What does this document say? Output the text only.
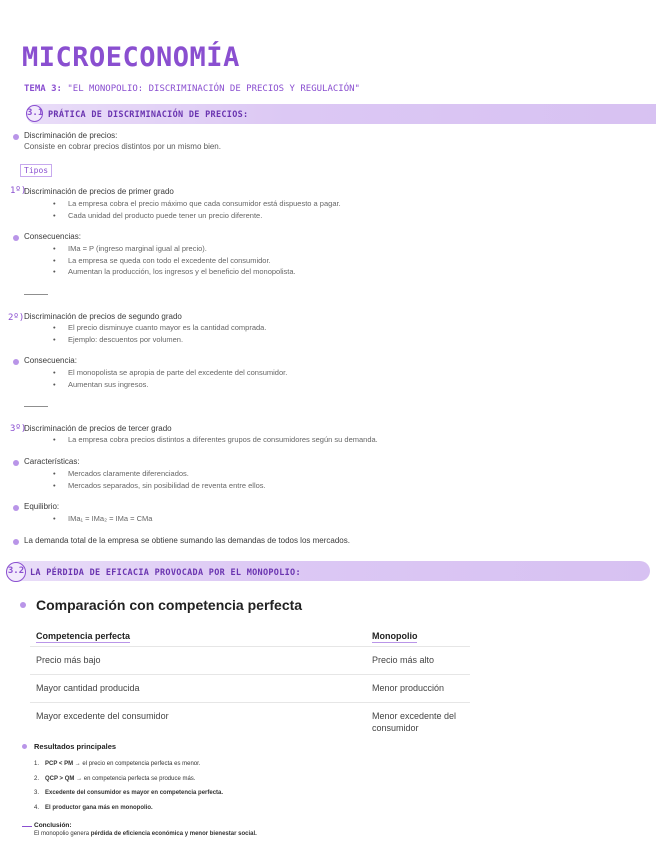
MICROECONOMÍA
TEMA 3: "EL MONOPOLIO: DISCRIMINACIÓN DE PRECIOS Y REGULACIÓN"
3.1 PRÁTICA DE DISCRIMINACIÓN DE PRECIOS:
Discriminación de precios:
Consiste en cobrar precios distintos por un mismo bien.
Tipos
1º)
Discriminación de precios de primer grado
• La empresa cobra el precio máximo que cada consumidor está dispuesto a pagar.
• Cada unidad del producto puede tener un precio diferente.
Consecuencias:
• IMa = P (ingreso marginal igual al precio).
• La empresa se queda con todo el excedente del consumidor.
• Aumentan la producción, los ingresos y el beneficio del monopolista.
2º) Discriminación de precios de segundo grado
• El precio disminuye cuanto mayor es la cantidad comprada.
• Ejemplo: descuentos por volumen.
Consecuencia:
• El monopolista se apropia de parte del excedente del consumidor.
• Aumentan sus ingresos.
3º)
Discriminación de precios de tercer grado
• La empresa cobra precios distintos a diferentes grupos de consumidores según su demanda.
Características:
• Mercados claramente diferenciados.
• Mercados separados, sin posibilidad de reventa entre ellos.
Equilibrio:
• IMa₁ = IMa₂ = IMa = CMa
La demanda total de la empresa se obtiene sumando las demandas de todos los mercados.
3.2 LA PÉRDIDA DE EFICACIA PROVOCADA POR EL MONOPOLIO:
Comparación con competencia perfecta
Competencia perfecta	Monopolio
Precio más bajo	Precio más alto
Mayor cantidad producida	Menor producción
Mayor excedente del consumidor	Menor excedente del consumidor
Resultados principales
1. PCP < PM → el precio en competencia perfecta es menor.
2. QCP > QM → en competencia perfecta se produce más.
3. Excedente del consumidor es mayor en competencia perfecta.
4. El productor gana más en monopolio.
Conclusión:
El monopolio genera pérdida de eficiencia económica y menor bienestar social.
